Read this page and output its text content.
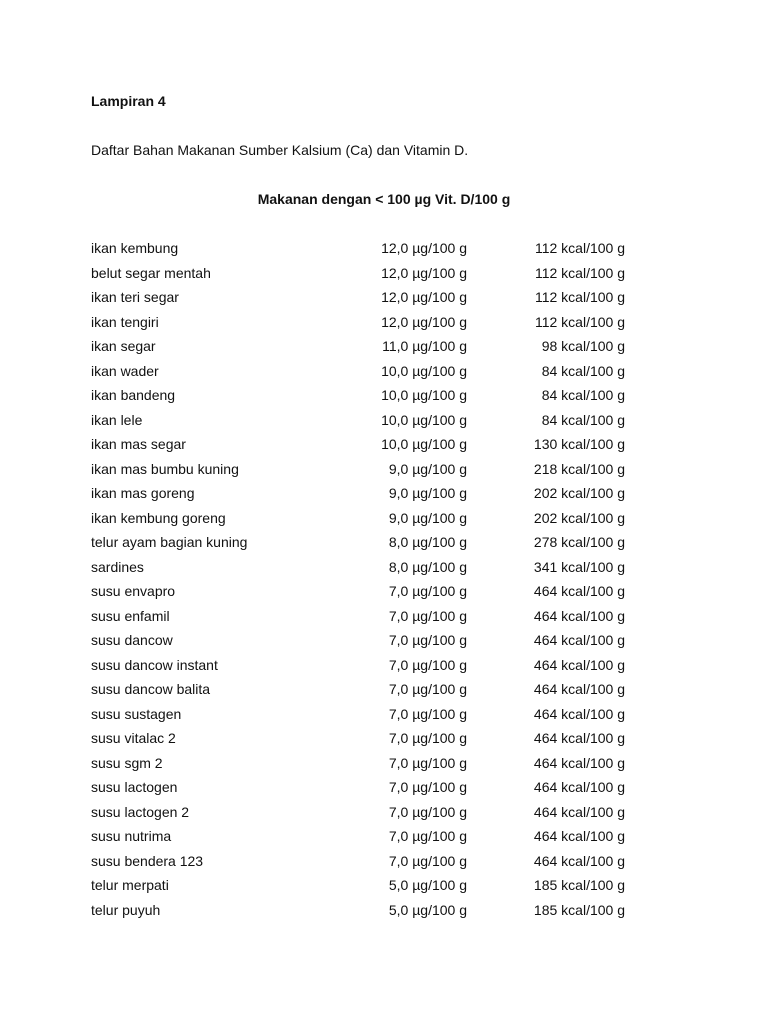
Lampiran 4
Daftar Bahan Makanan Sumber Kalsium (Ca) dan Vitamin D.
Makanan dengan < 100 µg Vit. D/100 g
ikan kembung	12,0 µg/100 g	112 kcal/100 g
belut segar mentah	12,0 µg/100 g	112 kcal/100 g
ikan teri segar	12,0 µg/100 g	112 kcal/100 g
ikan tengiri	12,0 µg/100 g	112 kcal/100 g
ikan segar	11,0 µg/100 g	98 kcal/100 g
ikan wader	10,0 µg/100 g	84 kcal/100 g
ikan bandeng	10,0 µg/100 g	84 kcal/100 g
ikan lele	10,0 µg/100 g	84 kcal/100 g
ikan mas segar	10,0 µg/100 g	130 kcal/100 g
ikan mas bumbu kuning	9,0 µg/100 g	218 kcal/100 g
ikan mas goreng	9,0 µg/100 g	202 kcal/100 g
ikan kembung goreng	9,0 µg/100 g	202 kcal/100 g
telur ayam bagian kuning	8,0 µg/100 g	278 kcal/100 g
sardines	8,0 µg/100 g	341 kcal/100 g
susu envapro	7,0 µg/100 g	464 kcal/100 g
susu enfamil	7,0 µg/100 g	464 kcal/100 g
susu dancow	7,0 µg/100 g	464 kcal/100 g
susu dancow instant	7,0 µg/100 g	464 kcal/100 g
susu dancow balita	7,0 µg/100 g	464 kcal/100 g
susu sustagen	7,0 µg/100 g	464 kcal/100 g
susu vitalac 2	7,0 µg/100 g	464 kcal/100 g
susu sgm 2	7,0 µg/100 g	464 kcal/100 g
susu lactogen	7,0 µg/100 g	464 kcal/100 g
susu lactogen 2	7,0 µg/100 g	464 kcal/100 g
susu nutrima	7,0 µg/100 g	464 kcal/100 g
susu bendera 123	7,0 µg/100 g	464 kcal/100 g
telur merpati	5,0 µg/100 g	185 kcal/100 g
telur puyuh	5,0 µg/100 g	185 kcal/100 g
